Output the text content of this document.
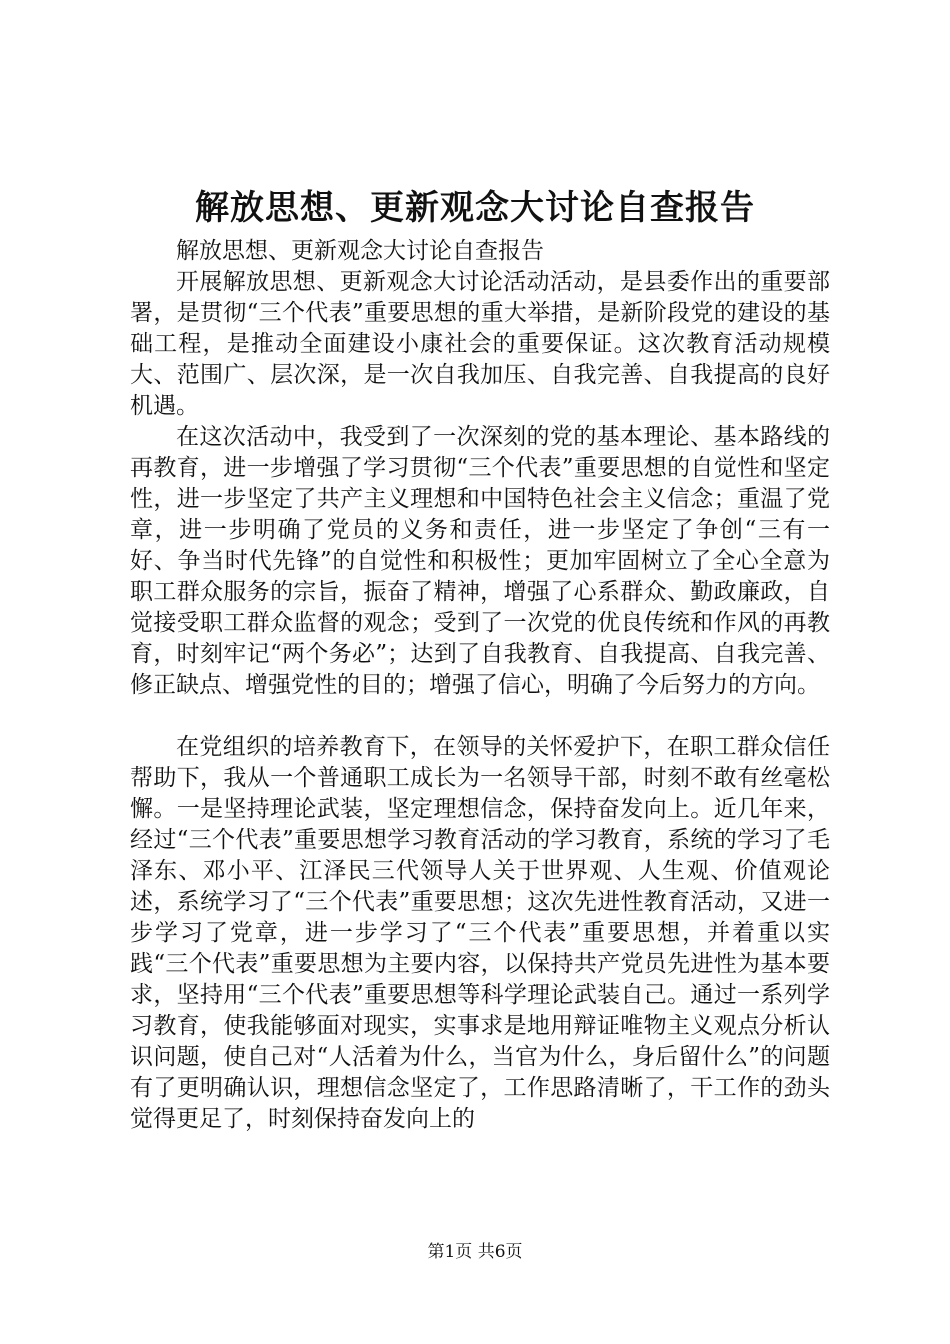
解放思想、更新观念大讨论自查报告

解放思想、更新观念大讨论自查报告

开展解放思想、更新观念大讨论活动活动，是县委作出的重要部署，是贯彻“三个代表”重要思想的重大举措，是新阶段党的建设的基础工程，是推动全面建设小康社会的重要保证。这次教育活动规模大、范围广、层次深，是一次自我加压、自我完善、自我提高的良好机遇。

在这次活动中，我受到了一次深刻的党的基本理论、基本路线的再教育，进一步增强了学习贯彻“三个代表”重要思想的自觉性和坚定性，进一步坚定了共产主义理想和中国特色社会主义信念；重温了党章，进一步明确了党员的义务和责任，进一步坚定了争创“三有一好、争当时代先锋”的自觉性和积极性；更加牢固树立了全心全意为职工群众服务的宗旨，振奋了精神，增强了心系群众、勤政廉政，自觉接受职工群众监督的观念；受到了一次党的优良传统和作风的再教育，时刻牢记“两个务必”；达到了自我教育、自我提高、自我完善、修正缺点、增强党性的目的；增强了信心，明确了今后努力的方向。

在党组织的培养教育下，在领导的关怀爱护下，在职工群众信任帮助下，我从一个普通职工成长为一名领导干部，时刻不敢有丝毫松懈。一是坚持理论武装，坚定理想信念，保持奋发向上。近几年来，经过“三个代表”重要思想学习教育活动的学习教育，系统的学习了毛泽东、邓小平、江泽民三代领导人关于世界观、人生观、价值观论述，系统学习了“三个代表”重要思想；这次先进性教育活动，又进一步学习了党章，进一步学习了“三个代表”重要思想，并着重以实践“三个代表”重要思想为主要内容，以保持共产党员先进性为基本要求，坚持用“三个代表”重要思想等科学理论武装自己。通过一系列学习教育，使我能够面对现实，实事求是地用辩证唯物主义观点分析认识问题，使自己对“人活着为什么，当官为什么，身后留什么”的问题有了更明确认识，理想信念坚定了，工作思路清晰了，干工作的劲头觉得更足了，时刻保持奋发向上的

第1页 共6页
